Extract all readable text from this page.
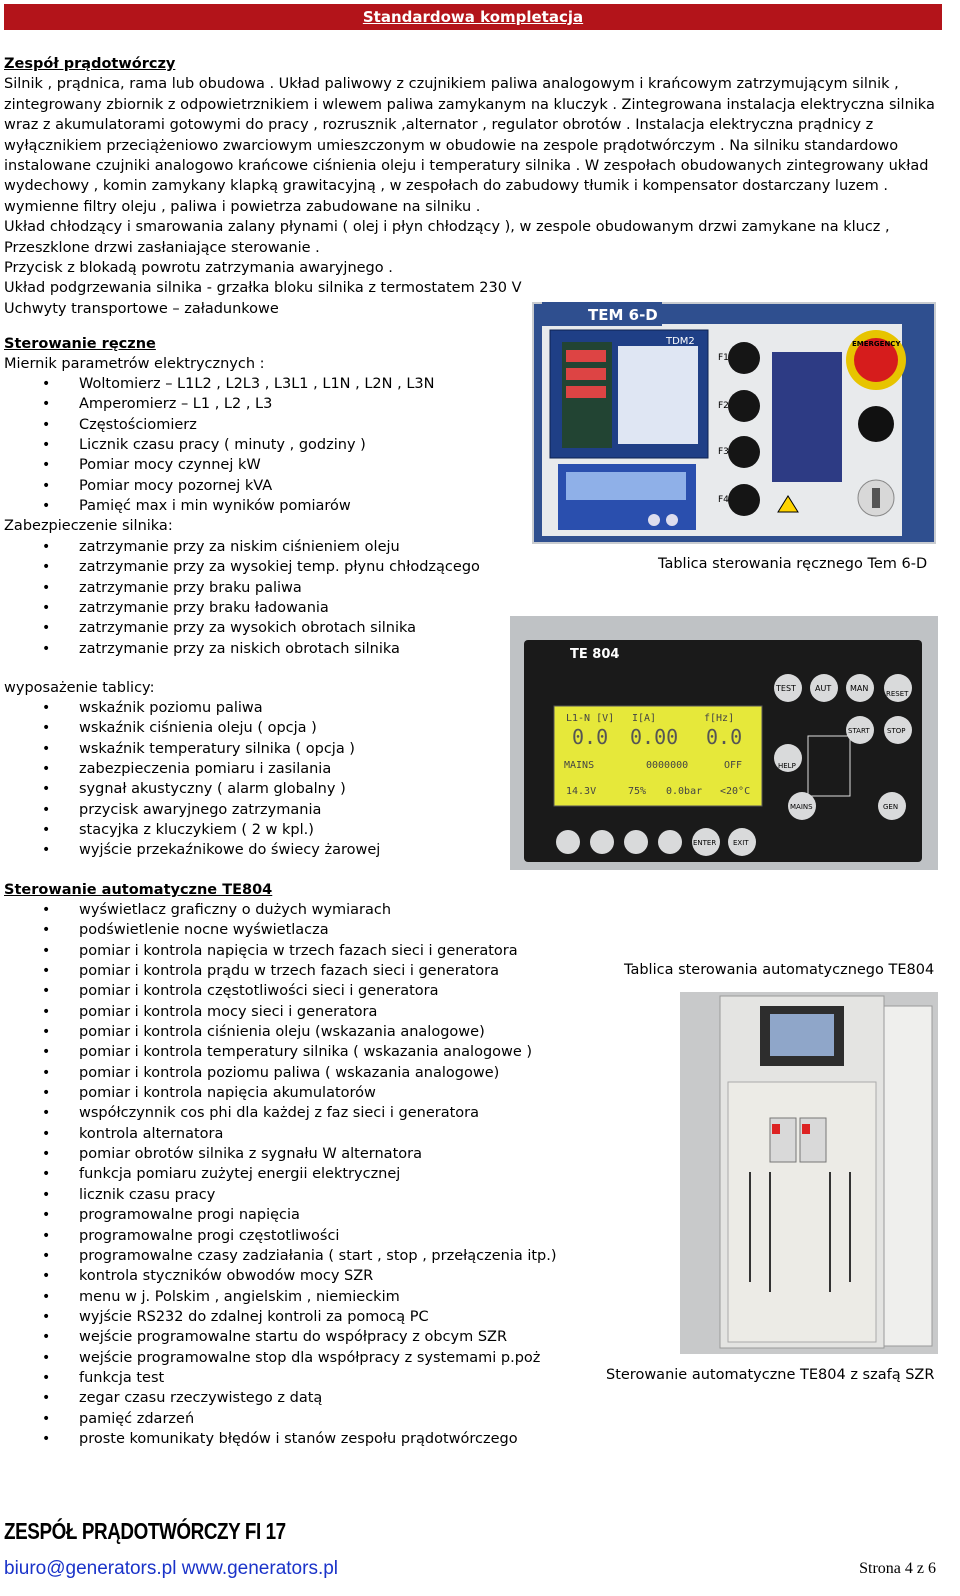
Standardowa kompletacja
Zespół prądotwórczy
Silnik , prądnica, rama lub obudowa . Układ paliwowy z czujnikiem paliwa analogowym i krańcowym zatrzymującym silnik ,
zintegrowany zbiornik z odpowietrznikiem i wlewem paliwa zamykanym na kluczyk . Zintegrowana instalacja elektryczna silnika
wraz z akumulatorami gotowymi do pracy , rozrusznik ,alternator , regulator obrotów . Instalacja elektryczna prądnicy z
wyłącznikiem przeciążeniowo zwarciowym umieszczonym w obudowie na zespole prądotwórczym . Na silniku standardowo
instalowane czujniki analogowo krańcowe ciśnienia oleju i temperatury silnika . W zespołach obudowanych zintegrowany układ
wydechowy , komin zamykany klapką grawitacyjną , w zespołach do zabudowy tłumik i kompensator dostarczany luzem .
wymienne filtry oleju , paliwa i powietrza zabudowane na silniku .
Układ chłodzący i smarowania zalany płynami ( olej i płyn chłodzący ), w zespole obudowanym drzwi zamykane na klucz ,
Przeszklone drzwi zasłaniające sterowanie .
Przycisk z blokadą powrotu zatrzymania awaryjnego .
Układ podgrzewania silnika - grzałka bloku silnika z termostatem 230 V
Uchwyty transportowe – załadunkowe
Sterowanie ręczne
Miernik parametrów elektrycznych :
• Woltomierz – L1L2 , L2L3 , L3L1 , L1N , L2N , L3N
• Amperomierz – L1 , L2 , L3
• Częstościomierz
• Licznik czasu pracy ( minuty , godziny )
• Pomiar mocy czynnej kW
• Pomiar mocy pozornej kVA
• Pamięć max i min wyników pomiarów
Zabezpieczenie silnika:
• zatrzymanie przy za niskim ciśnieniem oleju
• zatrzymanie przy za wysokiej temp. płynu chłodzącego
• zatrzymanie przy braku paliwa
• zatrzymanie przy braku ładowania
• zatrzymanie przy za wysokich obrotach silnika
• zatrzymanie przy za niskich obrotach silnika
wyposażenie tablicy:
• wskaźnik poziomu paliwa
• wskaźnik ciśnienia oleju ( opcja )
• wskaźnik temperatury silnika ( opcja )
• zabezpieczenia pomiaru i zasilania
• sygnał akustyczny ( alarm globalny )
• przycisk awaryjnego zatrzymania
• stacyjka z kluczykiem ( 2 w kpl.)
• wyjście przekaźnikowe do świecy żarowej
Sterowanie automatyczne TE804
• wyświetlacz graficzny o dużych wymiarach
• podświetlenie nocne wyświetlacza
• pomiar i kontrola napięcia w trzech fazach sieci i generatora
• pomiar i kontrola prądu w trzech fazach sieci i generatora
• pomiar i kontrola częstotliwości sieci i generatora
• pomiar i kontrola mocy sieci i generatora
• pomiar i kontrola ciśnienia oleju (wskazania analogowe)
• pomiar i kontrola temperatury silnika ( wskazania analogowe )
• pomiar i kontrola poziomu paliwa ( wskazania analogowe)
• pomiar i kontrola napięcia akumulatorów
• współczynnik cos phi dla każdej z faz sieci i generatora
• kontrola alternatora
• pomiar obrotów silnika z sygnału W alternatora
• funkcja pomiaru zużytej energii elektrycznej
• licznik czasu pracy
• programowalne progi napięcia
• programowalne progi częstotliwości
• programowalne czasy zadziałania ( start , stop , przełączenia itp.)
• kontrola styczników obwodów mocy SZR
• menu w j. Polskim , angielskim , niemieckim
• wyjście RS232 do zdalnej kontroli za pomocą PC
• wejście programowalne startu do współpracy z obcym SZR
• wejście programowalne stop dla współpracy z systemami p.poż
• funkcja test
• zegar czasu rzeczywistego z datą
• pamięć zdarzeń
• proste komunikaty błędów i stanów zespołu prądotwórczego
TEM 6-D
TDM2
F1
F2
F3
F4
EMERGENCY
Tablica sterowania ręcznego Tem 6-D
TE 804
L1-N [V] I[A]	f[Hz]
0.0 0.00 0.0
MAINS	0000000	OFF
14.3V	75% 0.0bar <20°C
TEST AUT MAN
RESET
START STOP
HELP
MAINS	GEN
ENTER EXIT
Tablica sterowania automatycznego TE804
Sterowanie automatyczne TE804 z szafą SZR
ZESPÓŁ PRĄDOTWÓRCZY FI 17
biuro@generators.pl www.generators.pl	Strona 4 z 6
